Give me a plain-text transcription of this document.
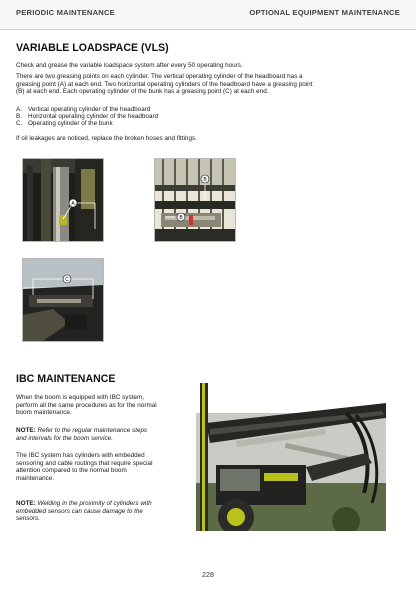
PERIODIC MAINTENANCE	OPTIONAL EQUIPMENT MAINTENANCE
VARIABLE LOADSPACE (VLS)

Check and grease the variable loadspace system after every 50 operating hours.

There are two greasing points on each cylinder. The vertical operating cylinder of the headboard has a
greasing point (A) at each end. Two horizontal operating cylinders of the headboard have a greasing point
(B) at each end. Each operating cylinder of the bunk has a greasing point (C) at each end.
A. Vertical operating cylinder of the headboard
B. Horizontal operating cylinder of the headboard
C. Operating cylinder of the bunk

If oil leakages are noticed, replace the broken hoses and fittings.

A
B
B
C
IBC MAINTENANCE
When the boom is equipped with IBC system,
perform all the same procedures as for the normal
boom maintenance.
NOTE: Refer to the regular maintenance steps
and intervals for the boom service.
The IBC system has cylinders with embedded
sensoring and cable routings that require special
attention compared to the normal boom
maintenance.
NOTE: Welding in the proximity of cylinders with
embedded sensors can cause damage to the
sensors.
228
